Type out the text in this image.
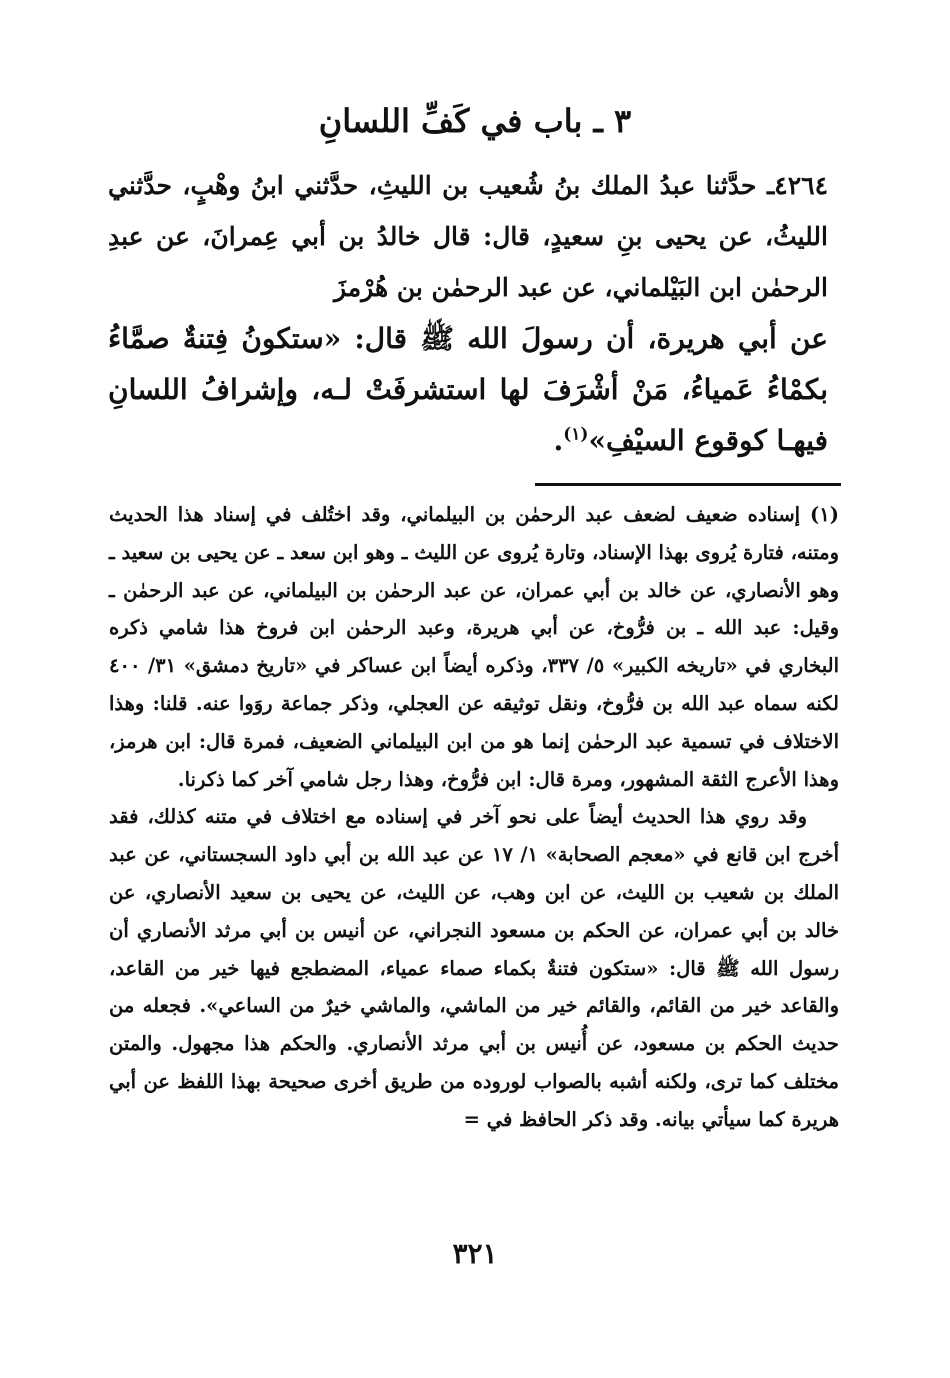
٣ ـ باب في كَفِّ اللسانِ
٤٢٦٤ـ حدَّثنا عبدُ الملك بنُ شُعيب بن الليثِ، حدَّثني ابنُ وهْبٍ، حدَّثني الليثُ، عن يحيى بنِ سعيدٍ، قال: قال خالدُ بن أبي عِمرانَ، عن عبدِ الرحمٰن ابن البَيْلماني، عن عبد الرحمٰن بن هُرْمزَ
عن أبي هريرة، أن رسولَ الله ﷺ قال: «ستكونُ فِتنةٌ صمَّاءُ بكمْاءُ عَمياءُ، مَنْ أشْرَفَ لها استشرفَتْ لـه، وإشرافُ اللسانِ فيهـا كوقوع السيْفِ»$^{(١)}$.

(١) إسناده ضعيف لضعف عبد الرحمٰن بن البيلماني، وقد اختُلف في إسناد هذا الحديث ومتنه، فتارة يُروى بهذا الإسناد، وتارة يُروى عن الليث ـ وهو ابن سعد ـ عن يحيى بن سعيد ـ وهو الأنصاري، عن خالد بن أبي عمران، عن عبد الرحمٰن بن البيلماني، عن عبد الرحمٰن ـ وقيل: عبد الله ـ بن فرُّوخ، عن أبي هريرة، وعبد الرحمٰن ابن فروخ هذا شامي ذكره البخاري في «تاريخه الكبير» ٥/ ٣٣٧، وذكره أيضاً ابن عساكر في «تاريخ دمشق» ٣١/ ٤٠٠ لكنه سماه عبد الله بن فرُّوخ، ونقل توثيقه عن العجلي، وذكر جماعة روَوا عنه. قلنا: وهذا الاختلاف في تسمية عبد الرحمٰن إنما هو من ابن البيلماني الضعيف، فمرة قال: ابن هرمز، وهذا الأعرج الثقة المشهور، ومرة قال: ابن فرُّوخ، وهذا رجل شامي آخر كما ذكرنا.

وقد روي هذا الحديث أيضاً على نحو آخر في إسناده مع اختلاف في متنه كذلك، فقد أخرج ابن قانع في «معجم الصحابة» ١/ ١٧ عن عبد الله بن أبي داود السجستاني، عن عبد الملك بن شعيب بن الليث، عن ابن وهب، عن الليث، عن يحيى بن سعيد الأنصاري، عن خالد بن أبي عمران، عن الحكم بن مسعود النجراني، عن أنيس بن أبي مرثد الأنصاري أن رسول الله ﷺ قال: «ستكون فتنةٌ بكماء صماء عمياء، المضطجع فيها خير من القاعد، والقاعد خير من القائم، والقائم خير من الماشي، والماشي خيرٌ من الساعي». فجعله من حديث الحكم بن مسعود، عن أُنيس بن أبي مرثد الأنصاري. والحكم هذا مجهول. والمتن مختلف كما ترى، ولكنه أشبه بالصواب لوروده من طريق أخرى صحيحة بهذا اللفظ عن أبي هريرة كما سيأتي بيانه. وقد ذكر الحافظ في =

٣٢١
